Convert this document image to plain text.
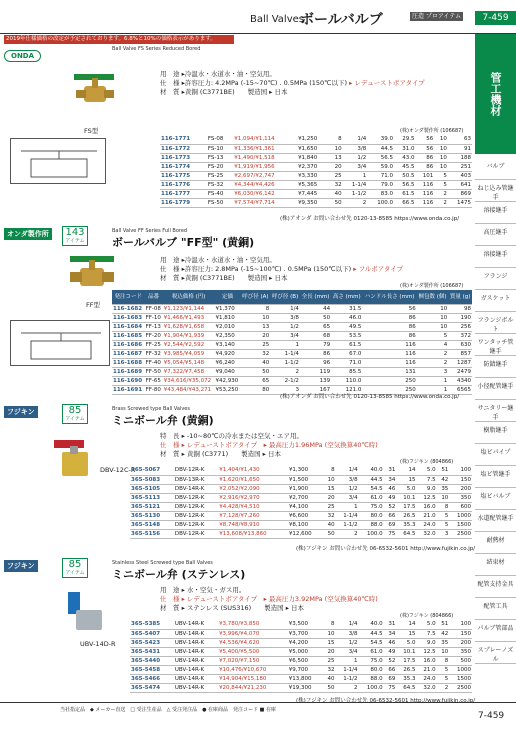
Ball Valves
ボールバルブ	圧造 プロアイテム	7-459
管工機材
バルブ
ねじ込み管継手
溶接継手
高圧継手
溶接継手
フランジ
ガスケット
フランジボルト
ワンタッチ管継手
防錆継手
小径配管継手
サニタリー継手
樹脂継手
塩ビパイプ
塩ビ管継手
塩ビバルブ
水道配管継手
耐熱材
結束材
配管支持金具
配管工具
パルブ管部品
スプレーノズル
2019年仕様価格の改定が予定されております。6.8%と10%の価格表示があります。
ONDA
Ball Valve FS Series Reduced Bored
用　途 ▸冷温水・水道水・油・空気用。
仕　様 ▸許容圧力: 4.2MPa (-15~70℃) . 0.5MPa (150℃以下) ▸ レデューストボアタイプ
材　質 ▸黄銅 (C3771BE)　　製造国 ▸ 日本
FS型	(株)オンダ製作所 (106687)
116-1771	FS-08	¥1,094/¥1,114	¥1,250	8	1/4	39.0	29.5	56	10	63
116-1772	FS-10	¥1,336/¥1,361	¥1,650	10	3/8	44.5	31.0	56	10	91
116-1773	FS-13	¥1,490/¥1,518	¥1,840	13	1/2	56.5	43.0	86	10	188
116-1774	FS-20	¥1,919/¥1,956	¥2,370	20	3/4	59.0	45.5	86	10	251
116-1775	FS-25	¥2,697/¥2,747	¥3,330	25	1	71.0	50.5	101	5	403
116-1776	FS-32	¥4,344/¥4,426	¥5,365	32	1-1/4	79.0	56.5	116	5	641
116-1777	FS-40	¥6,030/¥6,142	¥7,445	40	1-1/2	83.0	61.5	116	2	869
116-1779	FS-50	¥7,574/¥7,714	¥9,350	50	2	100.0	66.5	116	2	1475
(株)アオンダ お問い合わせ先 0120-13-8585 https://www.onda.co.jp/
オンダ製作所	143
アイテム
Ball Valve FF Series Full Bored
ボールバルブ "FF型" (黄銅)
用　途 ▸冷温水・水道水・油・空気用。
仕　様 ▸許容圧力: 2.8MPa (-15~100℃) . 0.5MPa (150℃以下) ▸ フルボアタイプ
材　質 ▸黄銅 (C3771BE)　　製造国 ▸ 日本
FF型
(株)オンダ製作所 (106687)
発注コード	品番	税込価格 (円)	定価	呼び径 (A)	呼び径 (B)	全長 (mm)	高さ (mm)	ハンドル長さ (mm)	梱包数 (個)	質量 (g)
116-1682	FF-08	¥1,123/¥1,144	¥1,370	8	1/4	44	31.5	56	10	98
116-1683	FF-10	¥1,466/¥1,493	¥1,810	10	3/8	50	46.0	86	10	190
116-1684	FF-13	¥1,628/¥1,658	¥2,010	13	1/2	65	49.5	86	10	256
116-1685	FF-20	¥1,904/¥1,939	¥2,350	20	3/4	68	53.5	86	5	372
116-1686	FF-25	¥2,544/¥2,592	¥3,140	25	1	79	61.5	116	4	630
116-1687	FF-32	¥3,985/¥4,059	¥4,920	32	1-1/4	86	67.0	116	2	857
116-1688	FF-40	¥5,054/¥5,148	¥6,240	40	1-1/2	96	71.0	116	2	1287
116-1689	FF-50	¥7,322/¥7,458	¥9,040	50	2	119	85.5	131	3	2479
116-1690	FF-65	¥34,616/¥35,072	¥42,930	65	2-1/2	139	110.0	250	1	4340
116-1691	FF-80	¥43,484/¥43,271	¥53,250	80	3	167	121.0	250	1	6565
(株)アオンダ お問い合わせ先 0120-13-8585 https://www.onda.co.jp/
フジキン	85
アイテム
Brass Screwed type Ball Valves
ミニボール弁 (黄銅)
特　長 ▸ -10~80℃の冷水または空気・エア用。
仕　様 ▸ レデューストボアタイプ　▸ 最高圧力1.96MPa (空気換算40℃時)
材　質 ▸ 黄銅 (C3771)　　製造国 ▸ 日本
DBV-12C-R
(株)フジキン (804866)
365-5067	DBV-12R-K	¥1,404/¥1,430	¥1,300	8	1/4	40.0	31	14	5.0	51	100
365-5083	DBV-13R-K	¥1,620/¥1,650	¥1,500	10	3/8	44.5	34	15	7.5	42	150
365-5105	DBV-14R-K	¥2,052/¥2,090	¥1,900	15	1/2	54.5	46	5.0	9.0	35	200
365-5113	DBV-12R-K	¥2,916/¥2,970	¥2,700	20	3/4	61.0	49	10.1	12.5	10	350
365-5121	DBV-12R-K	¥4,428/¥4,510	¥4,100	25	1	75.0	52	17.5	16.0	8	600
365-5130	DBV-12R-K	¥7,128/¥7,260	¥6,600	32	1-1/4	80.0	66	26.5	21.0	5	1000
365-5148	DBV-12R-K	¥8,748/¥8,910	¥8,100	40	1-1/2	88.0	69	35.3	24.0	5	1500
365-5156	DBV-12R-K	¥13,608/¥13,860	¥12,600	50	2	100.0	75	64.5	32.0	3	2500
(株)フジキン お問い合わせ先 06-6532-5601 http://www.fujikin.co.jp/
フジキン	85
アイテム
Stainless Steel Screwed type Ball Valves
ミニボール弁 (ステンレス)
用　途 ▸ 水・空気・ガス用。
仕　様 ▸ レデューストボアタイプ　▸ 最高圧力3.92MPa (空気換算40℃時)
材　質 ▸ ステンレス (SUS316)　　製造国 ▸ 日本
UBV-14D-R
(株)フジキン (804866)
365-5385	UBV-14R-K	¥3,780/¥3,850	¥3,500	8	1/4	40.0	31	14	5.0	51	100
365-5407	UBV-14R-K	¥3,996/¥4,070	¥3,700	10	3/8	44.5	34	15	7.5	42	150
365-5423	UBV-14R-K	¥4,536/¥4,620	¥4,200	15	1/2	54.5	46	5.0	9.0	35	200
365-5431	UBV-14R-K	¥5,400/¥5,500	¥5,000	20	3/4	61.0	49	10.1	12.5	10	350
365-5440	UBV-14R-K	¥7,020/¥7,150	¥6,500	25	1	75.0	52	17.5	16.0	8	500
365-5458	UBV-14R-K	¥10,476/¥10,670	¥9,700	32	1-1/4	80.0	66	26.5	21.0	5	1000
365-5466	UBV-14R-K	¥14,904/¥15,180	¥13,800	40	1-1/2	88.0	69	35.3	24.0	5	1500
365-5474	UBV-14R-K	¥20,844/¥21,230	¥19,300	50	2	100.0	75	64.5	32.0	2	2500
(株)フジキン お問い合わせ先 06-6532-5601 http://www.fujikin.co.jp/
当社指定品　◆ メーカー直送　□ 受注生産品　△ 受注発注品　● 在庫商品　発注コード ■ 在庫
7-459
